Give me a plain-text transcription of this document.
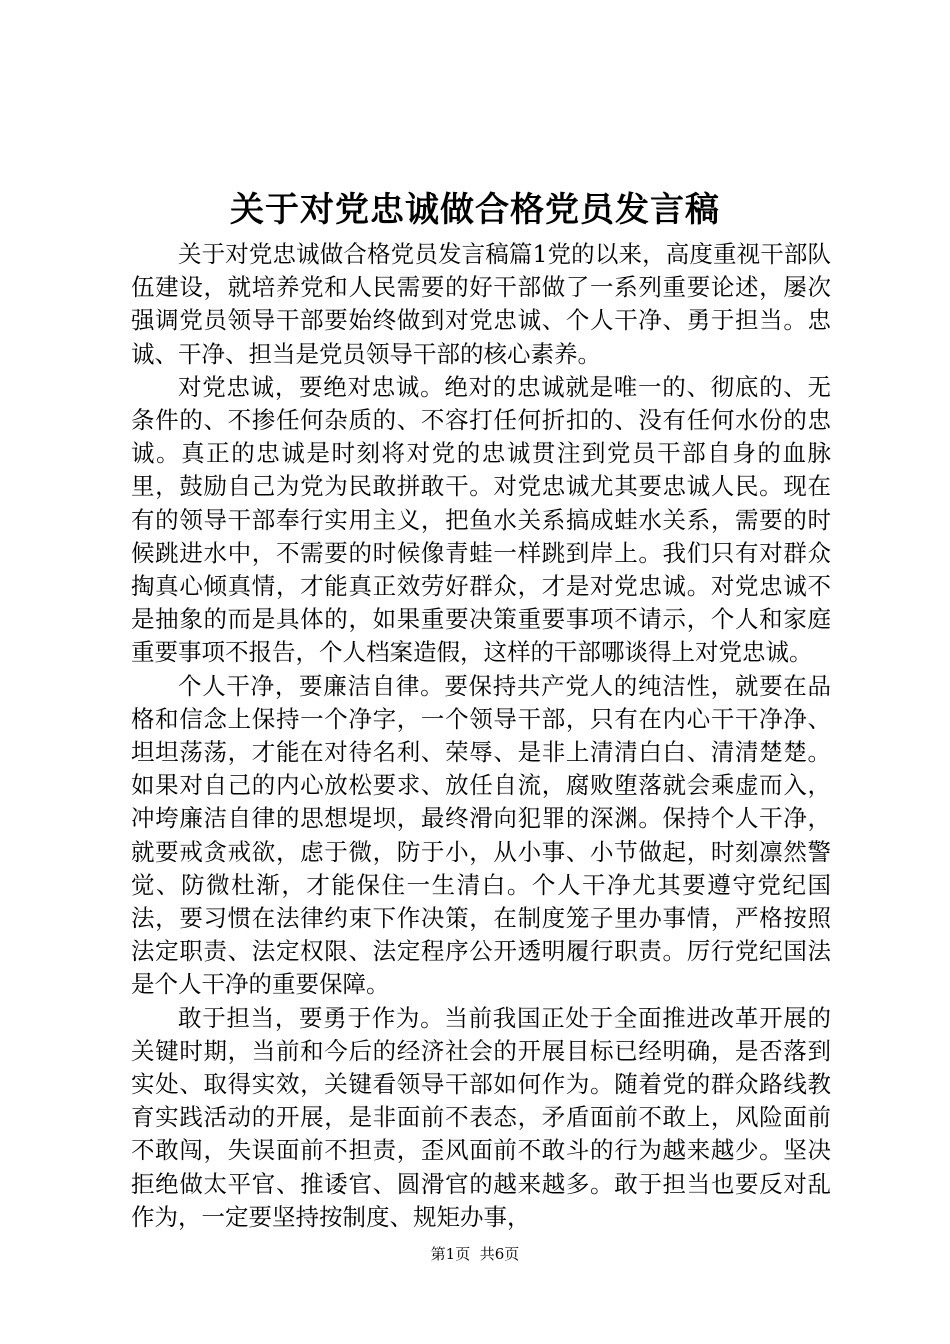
关于对党忠诚做合格党员发言稿

关于对党忠诚做合格党员发言稿篇1党的以来，高度重视干部队伍建设，就培养党和人民需要的好干部做了一系列重要论述，屡次强调党员领导干部要始终做到对党忠诚、个人干净、勇于担当。忠诚、干净、担当是党员领导干部的核心素养。

对党忠诚，要绝对忠诚。绝对的忠诚就是唯一的、彻底的、无条件的、不掺任何杂质的、不容打任何折扣的、没有任何水份的忠诚。真正的忠诚是时刻将对党的忠诚贯注到党员干部自身的血脉里，鼓励自己为党为民敢拼敢干。对党忠诚尤其要忠诚人民。现在有的领导干部奉行实用主义，把鱼水关系搞成蛙水关系，需要的时候跳进水中，不需要的时候像青蛙一样跳到岸上。我们只有对群众掏真心倾真情，才能真正效劳好群众，才是对党忠诚。对党忠诚不是抽象的而是具体的，如果重要决策重要事项不请示，个人和家庭重要事项不报告，个人档案造假，这样的干部哪谈得上对党忠诚。

个人干净，要廉洁自律。要保持共产党人的纯洁性，就要在品格和信念上保持一个净字，一个领导干部，只有在内心干干净净、坦坦荡荡，才能在对待名利、荣辱、是非上清清白白、清清楚楚。如果对自己的内心放松要求、放任自流，腐败堕落就会乘虚而入，冲垮廉洁自律的思想堤坝，最终滑向犯罪的深渊。保持个人干净，就要戒贪戒欲，虑于微，防于小，从小事、小节做起，时刻凛然警觉、防微杜渐，才能保住一生清白。个人干净尤其要遵守党纪国法，要习惯在法律约束下作决策，在制度笼子里办事情，严格按照法定职责、法定权限、法定程序公开透明履行职责。厉行党纪国法是个人干净的重要保障。

敢于担当，要勇于作为。当前我国正处于全面推进改革开展的关键时期，当前和今后的经济社会的开展目标已经明确，是否落到实处、取得实效，关键看领导干部如何作为。随着党的群众路线教育实践活动的开展，是非面前不表态，矛盾面前不敢上，风险面前不敢闯，失误面前不担责，歪风面前不敢斗的行为越来越少。坚决拒绝做太平官、推诿官、圆滑官的越来越多。敢于担当也要反对乱作为，一定要坚持按制度、规矩办事，

第1页 共6页
